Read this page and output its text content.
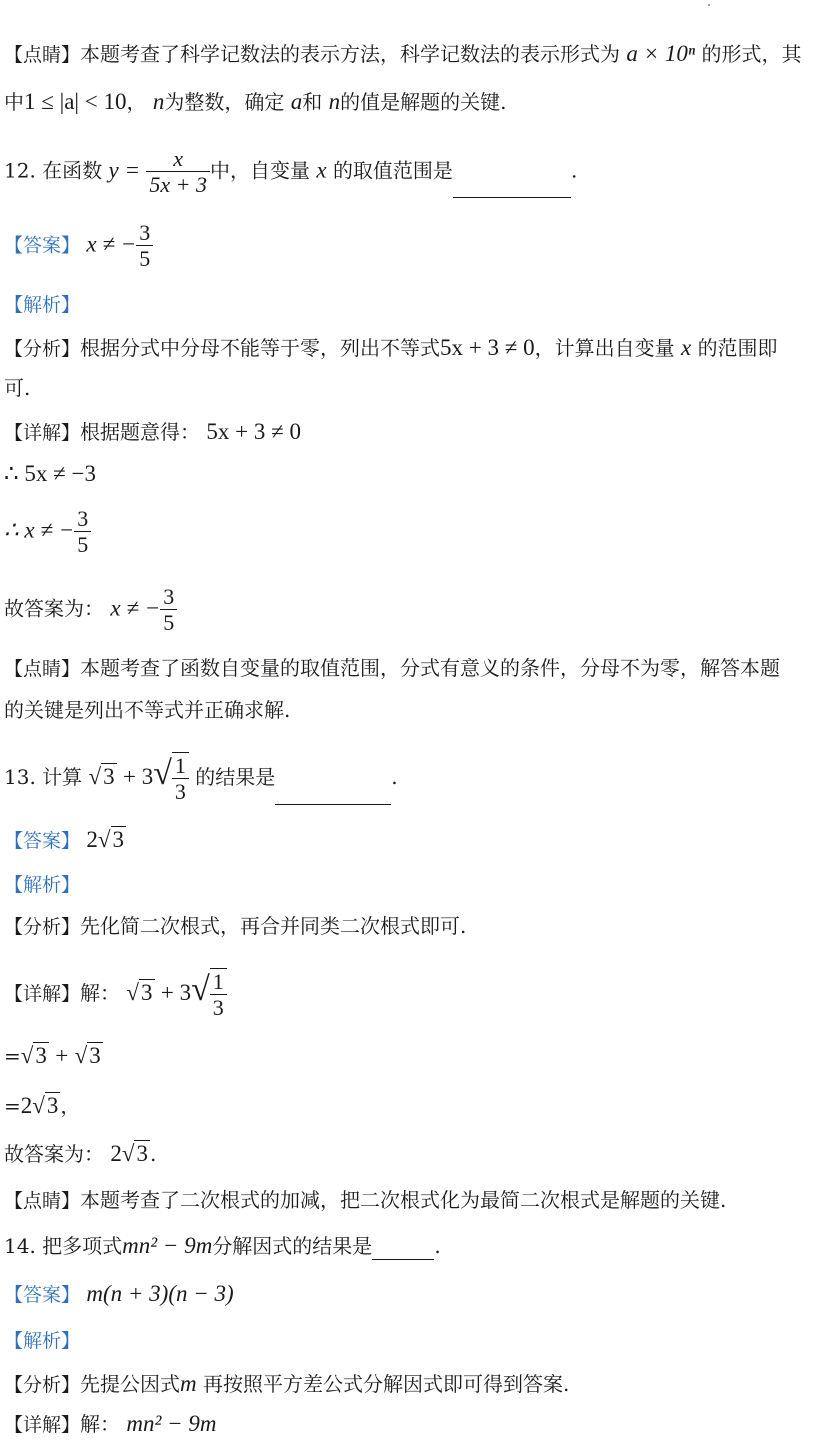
【点睛】本题考查了科学记数法的表示方法，科学记数法的表示形式为 a × 10ⁿ 的形式，其
中1 ≤ |a| < 10， n为整数，确定 a和 n的值是解题的关键.
12. 在函数 $y = \frac{x}{5x + 3}$ 中，自变量 x 的取值范围是	.
【答案】 x ≠ − $\frac{3}{5}$
【解析】
【分析】根据分式中分母不能等于零，列出不等式5x + 3 ≠ 0，计算出自变量 x 的范围即
可.
【详解】根据题意得： 5x + 3 ≠ 0
∴ 5x ≠ −3
∴ x ≠ − $\frac{3}{5}$
故答案为： x ≠ − $\frac{3}{5}$
【点睛】本题考查了函数自变量的取值范围，分式有意义的条件，分母不为零，解答本题
的关键是列出不等式并正确求解.
13. 计算 $√3 + 3√ \frac{1}{3}$ 的结果是	.
【答案】 2√3
【解析】
【分析】先化简二次根式，再合并同类二次根式即可.
【详解】解： $√3 + 3√ \frac{1}{3}$
=√3 + √3
=2√3 ，
故答案为： 2√3 .
【点睛】本题考查了二次根式的加减，把二次根式化为最简二次根式是解题的关键.
14. 把多项式mn² − 9m分解因式的结果是	.
【答案】 m(n + 3)(n − 3)
【解析】
【分析】先提公因式m 再按照平方差公式分解因式即可得到答案.
【详解】解： mn² − 9m
